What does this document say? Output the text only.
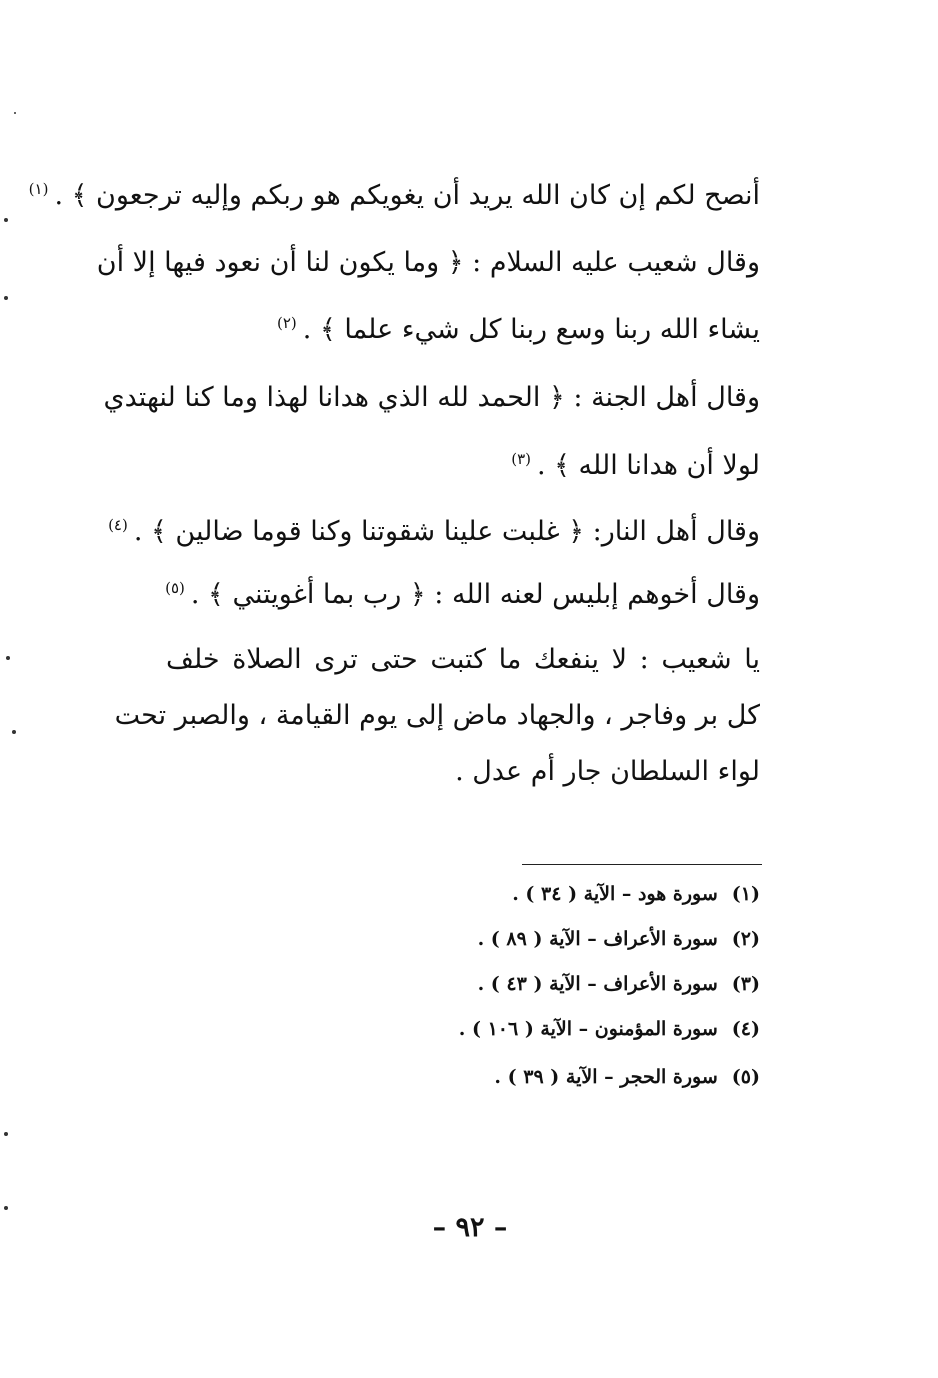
أنصح لكم إن كان الله يريد أن يغويكم هو ربكم وإليه ترجعون ﴾ .$^{(١)}$
وقال شعيب عليه السلام : ﴿ وما يكون لنا أن نعود فيها إلا أن
يشاء الله ربنا وسع ربنا كل شيء علما ﴾ .$^{(٢)}$
وقال أهل الجنة : ﴿ الحمد لله الذي هدانا لهذا وما كنا لنهتدي
لولا أن هدانا الله ﴾ .$^{(٣)}$
وقال أهل النار: ﴿ غلبت علينا شقوتنا وكنا قوما ضالين ﴾ .$^{(٤)}$
وقال أخوهم إبليس لعنه الله : ﴿ رب بما أغويتني ﴾ .$^{(٥)}$
يا شعيب : لا ينفعك ما كتبت حتى ترى الصلاة خلف
كل بر وفاجر ، والجهاد ماض إلى يوم القيامة ، والصبر تحت
لواء السلطان جار أم عدل .
(١)سورة هود – الآية ( ٣٤ ) .
(٢)سورة الأعراف – الآية ( ٨٩ ) .
(٣)سورة الأعراف – الآية ( ٤٣ ) .
(٤)سورة المؤمنون – الآية ( ١٠٦ ) .
(٥)سورة الحجر – الآية ( ٣٩ ) .
– ٩٢ –
